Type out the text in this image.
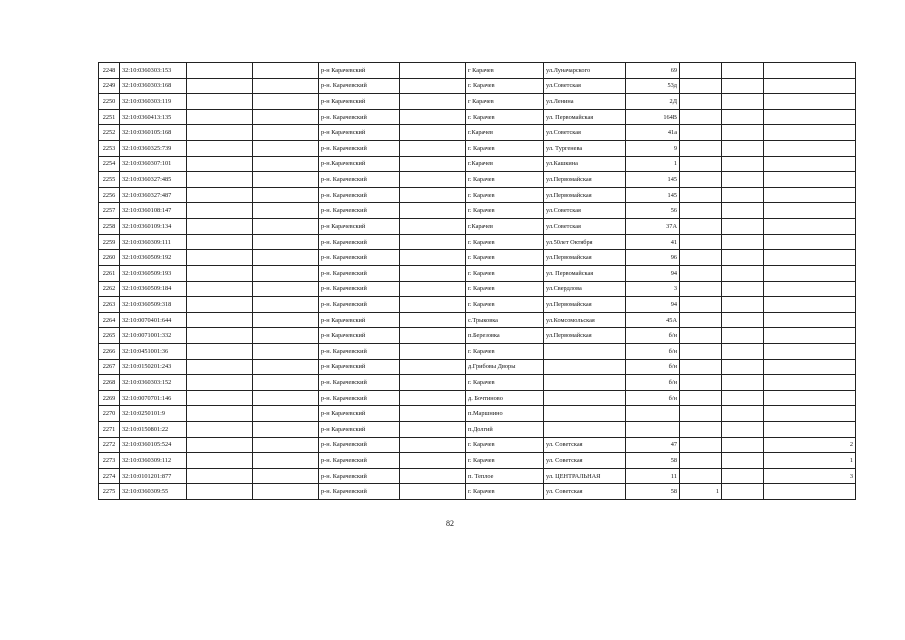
2248	32:10:0360303:153			р-н Карачевский		г Карачев	ул.Луначарского	69			
2249	32:10:0360303:168			р-н. Карачевский		г. Карачев	ул.Советская	53д			
2250	32:10:0360303:119			р-н Карачевский		г Карачев	ул.Ленина	2Д			
2251	32:10:0360413:135			р-н. Карачевский		г. Карачев	ул. Первомайская	164В			
2252	32:10:0360105:168			р-н Карачевский		г.Карачев	ул.Советская	41а			
2253	32:10:0360325:739			р-н. Карачевский		г. Карачев	ул. Тургенева	9			
2254	32:10:0360307:101			р-н.Карачевский		г.Карачев	ул.Кашкина	1			
2255	32:10:0360327:485			р-н. Карачевский		г. Карачев	ул.Первомайская	145			
2256	32:10:0360327:487			р-н. Карачевский		г. Карачев	ул.Первомайская	145			
2257	32:10:0360108:147			р-н. Карачевский		г. Карачев	ул.Советская	56			
2258	32:10:0360109:134			р-н Карачевский		г.Карачев	ул.Советская	37А			
2259	32:10:0360309:111			р-н. Карачевский		г. Карачев	ул.50лет Октября	41			
2260	32:10:0360509:192			р-н. Карачевский		г. Карачев	ул.Первомайская	96			
2261	32:10:0360509:193			р-н. Карачевский		г. Карачев	ул. Первомайская	94			
2262	32:10:0360509:184			р-н. Карачевский		г. Карачев	ул.Свердлова	3			
2263	32:10:0360509:318			р-н. Карачевский		г. Карачев	ул.Первомайская	94			
2264	32:10:0070401:644			р-н Карачевский		с.Трыковка	ул.Комсомольская	45А			
2265	32:10:0071001:332			р-н Карачевский		п.Березовка	ул.Первомайская	б/н			
2266	32:10:0451001:36			р-н. Карачевский		г. Карачев		б/н			
2267	32:10:0150201:243			р-н Карачевский		д.Грибовы Дворы		б/н			
2268	32:10:0360303:152			р-н. Карачевский		г. Карачев		б/н			
2269	32:10:0070701:146			р-н. Карачевский		д. Бочтиново		б/н			
2270	32:10:0250101:9			р-н Карачевский		п.Маршнино					
2271	32:10:0150801:22			р-н Карачевский		п.Долгий					
2272	32:10:0360105:524			р-н. Карачевский		г. Карачев	ул. Советская	47			2
2273	32:10:0360309:112			р-н. Карачевский		г. Карачев	ул. Советская	58			1
2274	32:10:0101201:877			р-н. Карачевский		п. Теплое	ул. ЦЕНТРАЛЬНАЯ	11			3
2275	32:10:0360309:55			р-н. Карачевский		г. Карачев	ул. Советская	58	1		
82
